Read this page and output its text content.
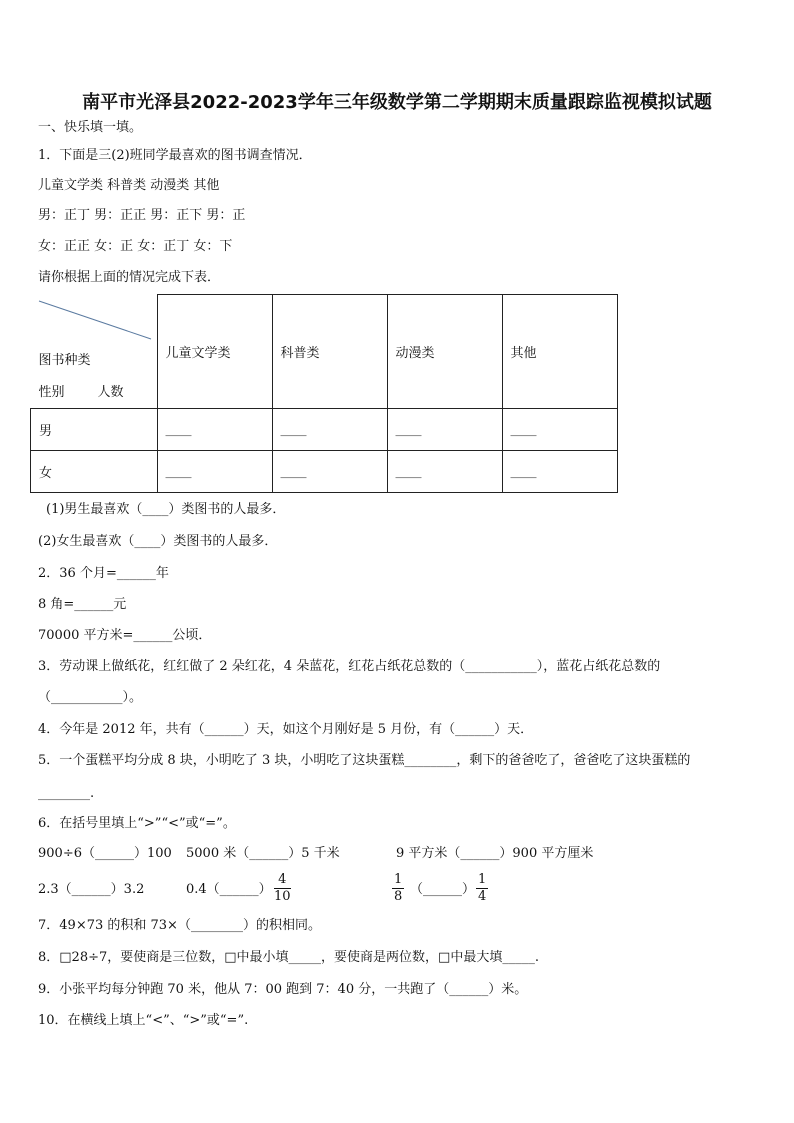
南平市光泽县2022-2023学年三年级数学第二学期期末质量跟踪监视模拟试题
一、快乐填一填。
1．下面是三(2)班同学最喜欢的图书调查情况．
儿童文学类 科普类 动漫类 其他
男：正丁 男：正正 男：正下 男：正
女：正正 女：正 女：正丁 女：下
请你根据上面的情况完成下表．
图书种类
性别        人数	儿童文学类	科普类	动漫类	其他
男	____	____	____	____
女	____	____	____	____
(1)男生最喜欢（____）类图书的人最多．
(2)女生最喜欢（____）类图书的人最多．
2．36 个月=______年
8 角=______元
70000 平方米=______公顷．
3．劳动课上做纸花，红红做了 2 朵红花，4 朵蓝花，红花占纸花总数的（___________），蓝花占纸花总数的
（___________）。
4．今年是 2012 年，共有（______）天，如这个月刚好是 5 月份，有（______）天．
5．一个蛋糕平均分成 8 块，小明吃了 3 块，小明吃了这块蛋糕________，剩下的爸爸吃了，爸爸吃了这块蛋糕的
________.
6．在括号里填上“>”“<”或“=”。
900÷6（______）100 5000 米（______）5 千米	9 平方米（______）900 平方厘米
2.3（______）3.2	0.4（______） $\frac{4}{10}$	$\frac{1}{8}$ （______） $\frac{1}{4}$
7．49×73 的积和 73×（________）的积相同。
8．□28÷7，要使商是三位数，□中最小填_____，要使商是两位数，□中最大填_____.
9．小张平均每分钟跑 70 米，他从 7：00 跑到 7：40 分，一共跑了（______）米。
10．在横线上填上“<”、“>”或“=”.
